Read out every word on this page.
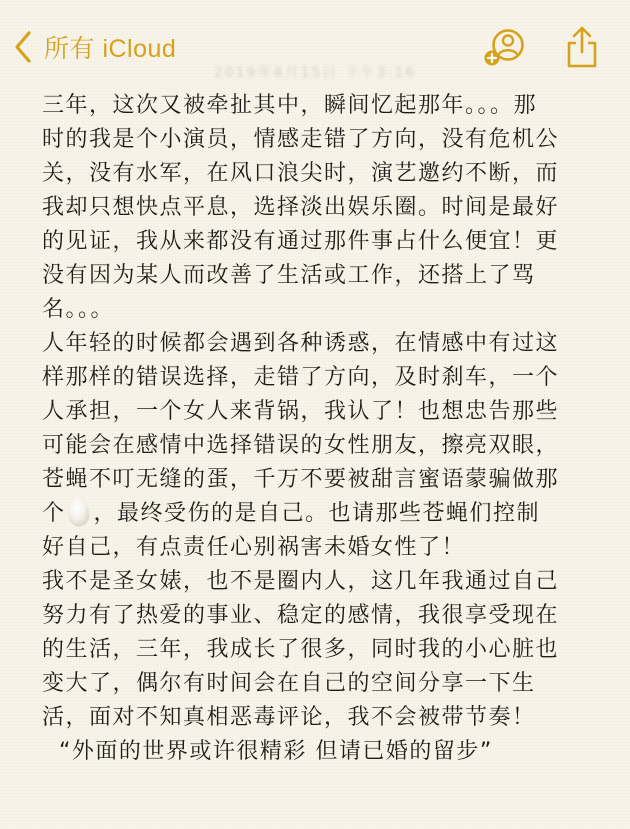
所有 iCloud
2019年4月15日 下午3:16
三年，这次又被牵扯其中，瞬间忆起那年。。。那
时的我是个小演员，情感走错了方向，没有危机公
关，没有水军，在风口浪尖时，演艺邀约不断，而
我却只想快点平息，选择淡出娱乐圈。时间是最好
的见证，我从来都没有通过那件事占什么便宜！更
没有因为某人而改善了生活或工作，还搭上了骂
名。。。
人年轻的时候都会遇到各种诱惑，在情感中有过这
样那样的错误选择，走错了方向，及时刹车，一个
人承担，一个女人来背锅，我认了！也想忠告那些
可能会在感情中选择错误的女性朋友，擦亮双眼，
苍蝇不叮无缝的蛋，千万不要被甜言蜜语蒙骗做那
个 ，最终受伤的是自己。也请那些苍蝇们控制
好自己，有点责任心别祸害未婚女性了！
我不是圣女婊，也不是圈内人，这几年我通过自己
努力有了热爱的事业、稳定的感情，我很享受现在
的生活，三年，我成长了很多，同时我的小心脏也
变大了，偶尔有时间会在自己的空间分享一下生
活，面对不知真相恶毒评论，我不会被带节奏！
“外面的世界或许很精彩 但请已婚的留步”
